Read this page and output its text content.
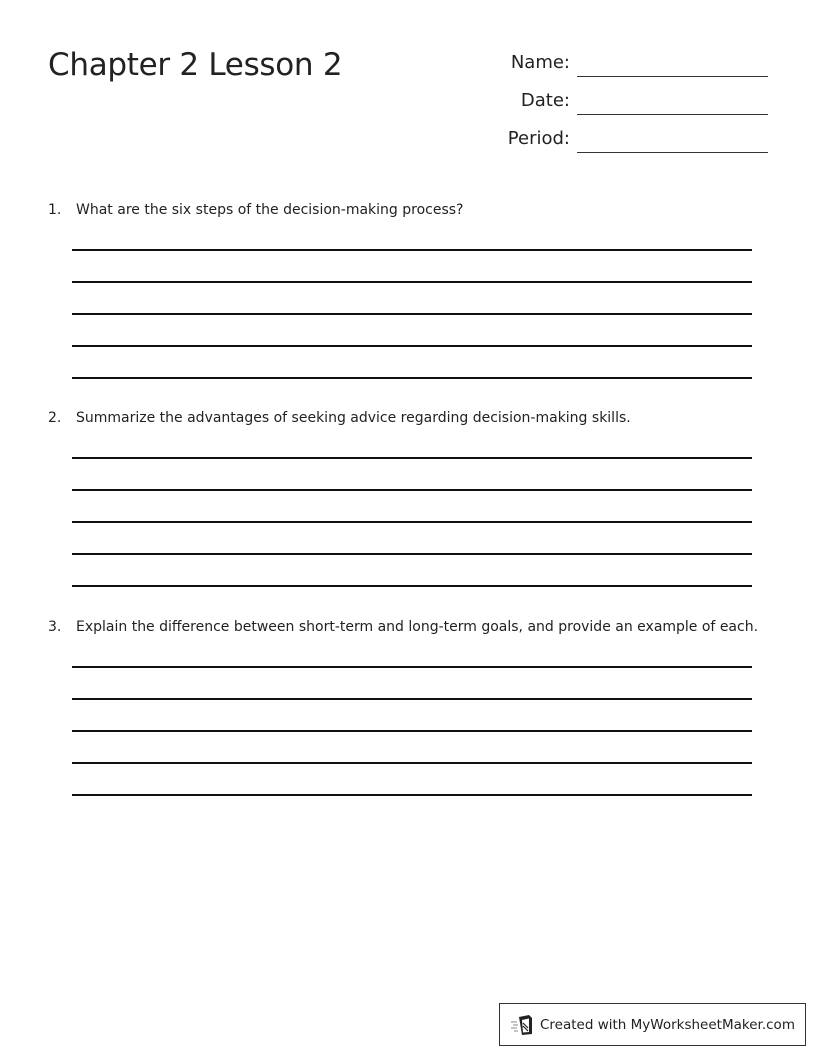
Chapter 2 Lesson 2	Name:
Date:
Period:
1. What are the six steps of the decision-making process?
2. Summarize the advantages of seeking advice regarding decision-making skills.
3. Explain the difference between short-term and long-term goals, and provide an example of each.
Created with MyWorksheetMaker.com
